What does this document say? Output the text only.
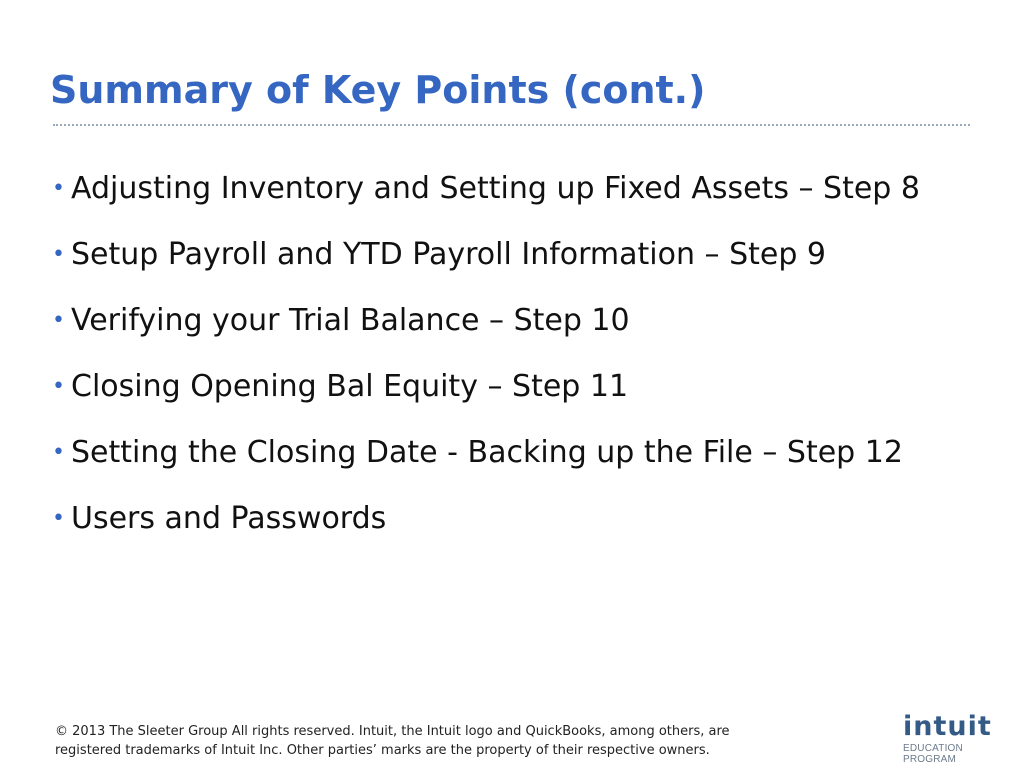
Summary of Key Points (cont.)
• Adjusting Inventory and Setting up Fixed Assets – Step 8
• Setup Payroll and YTD Payroll Information – Step 9
• Verifying your Trial Balance – Step 10
• Closing Opening Bal Equity – Step 11
• Setting the Closing Date - Backing up the File – Step 12
• Users and Passwords

© 2013 The Sleeter Group All rights reserved. Intuit, the Intuit logo and QuickBooks, among others, are

registered trademarks of Intuit Inc. Other parties’ marks are the property of their respective owners.

intuit
EDUCATION PROGRAM
